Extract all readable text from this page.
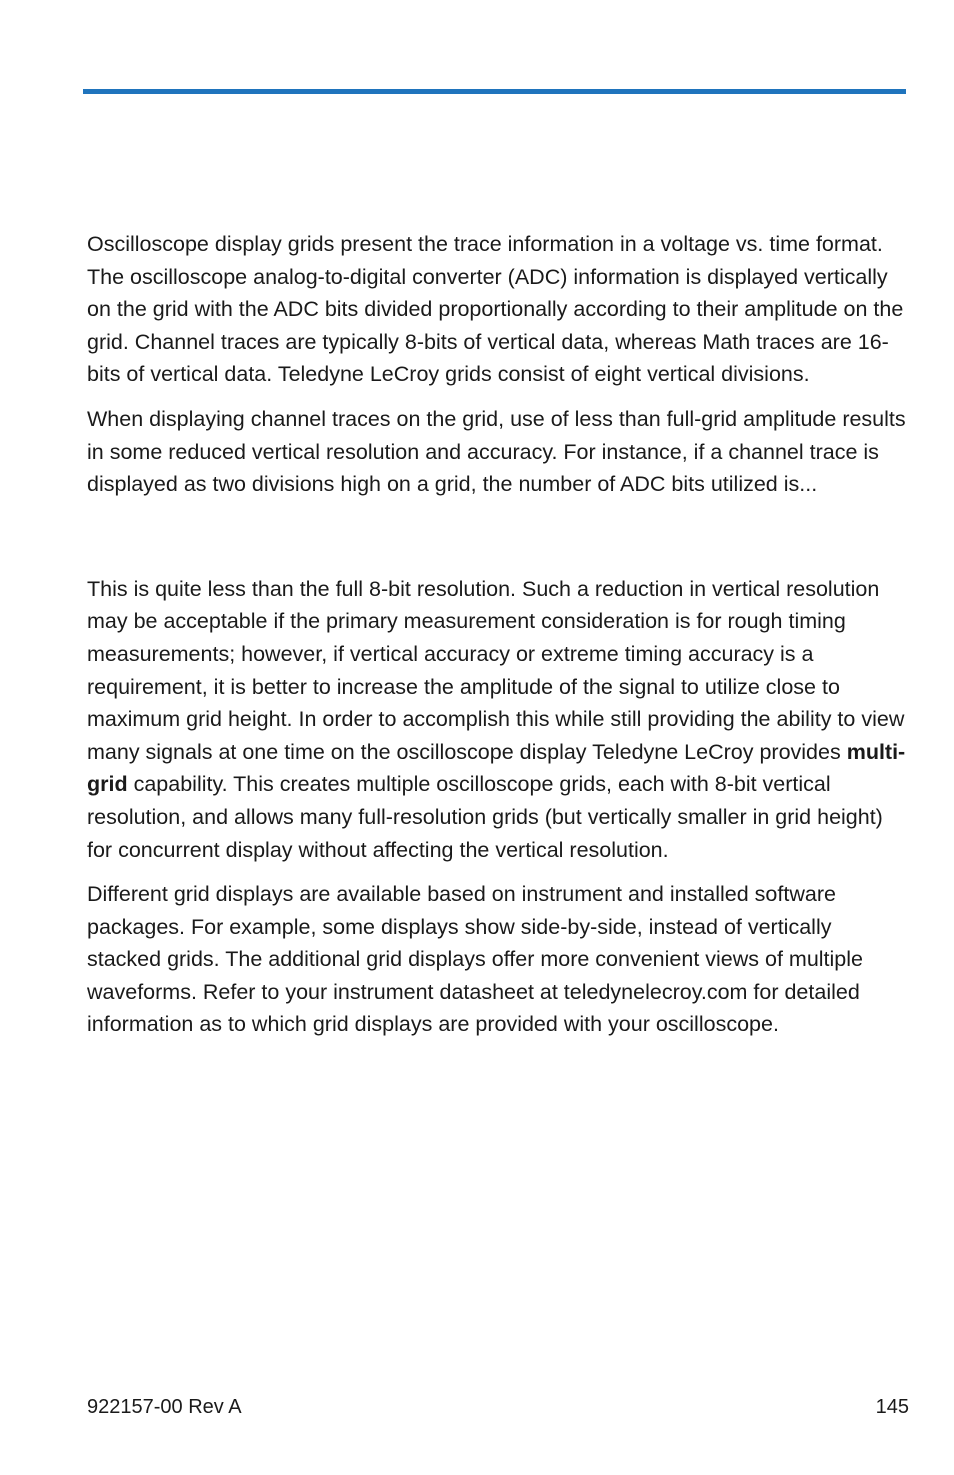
Oscilloscope display grids present the trace information in a voltage vs. time format. The oscilloscope analog-to-digital converter (ADC) information is displayed vertically on the grid with the ADC bits divided proportionally according to their amplitude on the grid. Channel traces are typically 8-bits of vertical data, whereas Math traces are 16-bits of vertical data. Teledyne LeCroy grids consist of eight vertical divisions.

When displaying channel traces on the grid, use of less than full-grid amplitude results in some reduced vertical resolution and accuracy. For instance, if a channel trace is displayed as two divisions high on a grid, the number of ADC bits utilized is...

This is quite less than the full 8-bit resolution. Such a reduction in vertical resolution may be acceptable if the primary measurement consideration is for rough timing measurements; however, if vertical accuracy or extreme timing accuracy is a requirement, it is better to increase the amplitude of the signal to utilize close to maximum grid height. In order to accomplish this while still providing the ability to view many signals at one time on the oscilloscope display Teledyne LeCroy provides multi-grid capability. This creates multiple oscilloscope grids, each with 8-bit vertical resolution, and allows many full-resolution grids (but vertically smaller in grid height) for concurrent display without affecting the vertical resolution.

Different grid displays are available based on instrument and installed software packages. For example, some displays show side-by-side, instead of vertically stacked grids. The additional grid displays offer more convenient views of multiple waveforms. Refer to your instrument datasheet at teledynelecroy.com for detailed information as to which grid displays are provided with your oscilloscope.

922157-00 Rev A	145
